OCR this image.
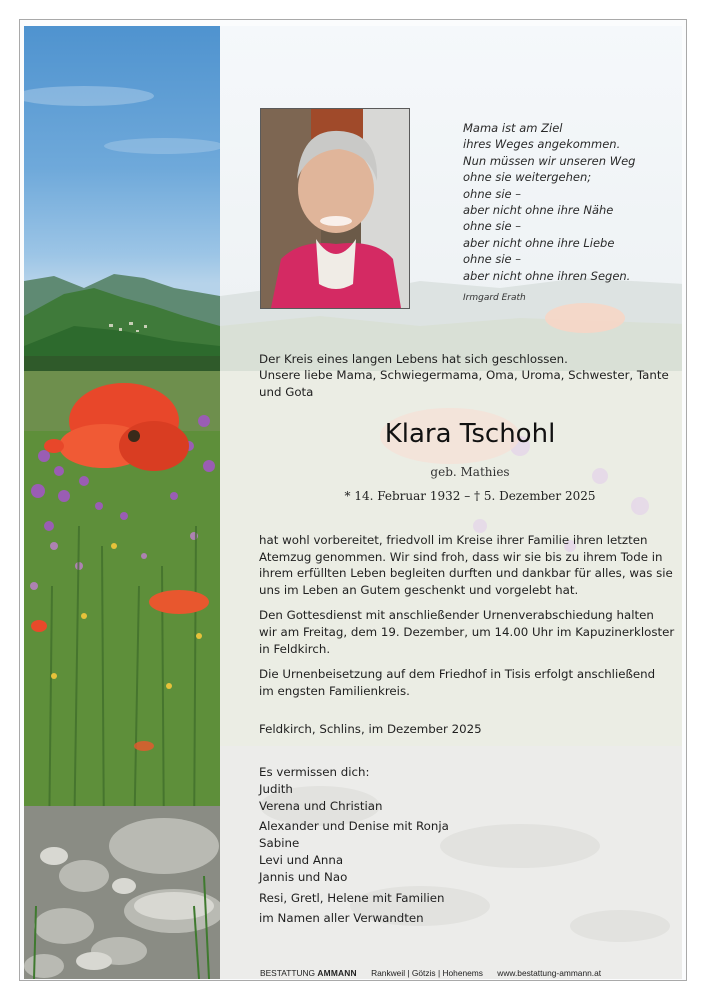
Mama ist am Ziel
ihres Weges angekommen.
Nun müssen wir unseren Weg
ohne sie weitergehen;
ohne sie –
aber nicht ohne ihre Nähe
ohne sie –
aber nicht ohne ihre Liebe
ohne sie –
aber nicht ohne ihren Segen.
Irmgard Erath
Der Kreis eines langen Lebens hat sich geschlossen.
Unsere liebe Mama, Schwiegermama, Oma, Uroma, Schwester, Tante
und Gota
Klara Tschohl
geb. Mathies
* 14. Februar 1932 – † 5. Dezember 2025

hat wohl vorbereitet, friedvoll im Kreise ihrer Familie ihren letzten
Atemzug genommen. Wir sind froh, dass wir sie bis zu ihrem Tode in
ihrem erfüllten Leben begleiten durften und dankbar für alles, was sie
uns im Leben an Gutem geschenkt und vorgelebt hat.

Den Gottesdienst mit anschließender Urnenverabschiedung halten
wir am Freitag, dem 19. Dezember, um 14.00 Uhr im Kapuzinerkloster
in Feldkirch.

Die Urnenbeisetzung auf dem Friedhof in Tisis erfolgt anschließend
im engsten Familienkreis.

Feldkirch, Schlins, im Dezember 2025
Es vermissen dich:
Judith
Verena und Christian
Alexander und Denise mit Ronja
Sabine
Levi und Anna
Jannis und Nao
Resi, Gretl, Helene mit Familien
im Namen aller Verwandten
BESTATTUNG AMMANN Rankweil | Götzis | Hohenems www.bestattung-ammann.at
